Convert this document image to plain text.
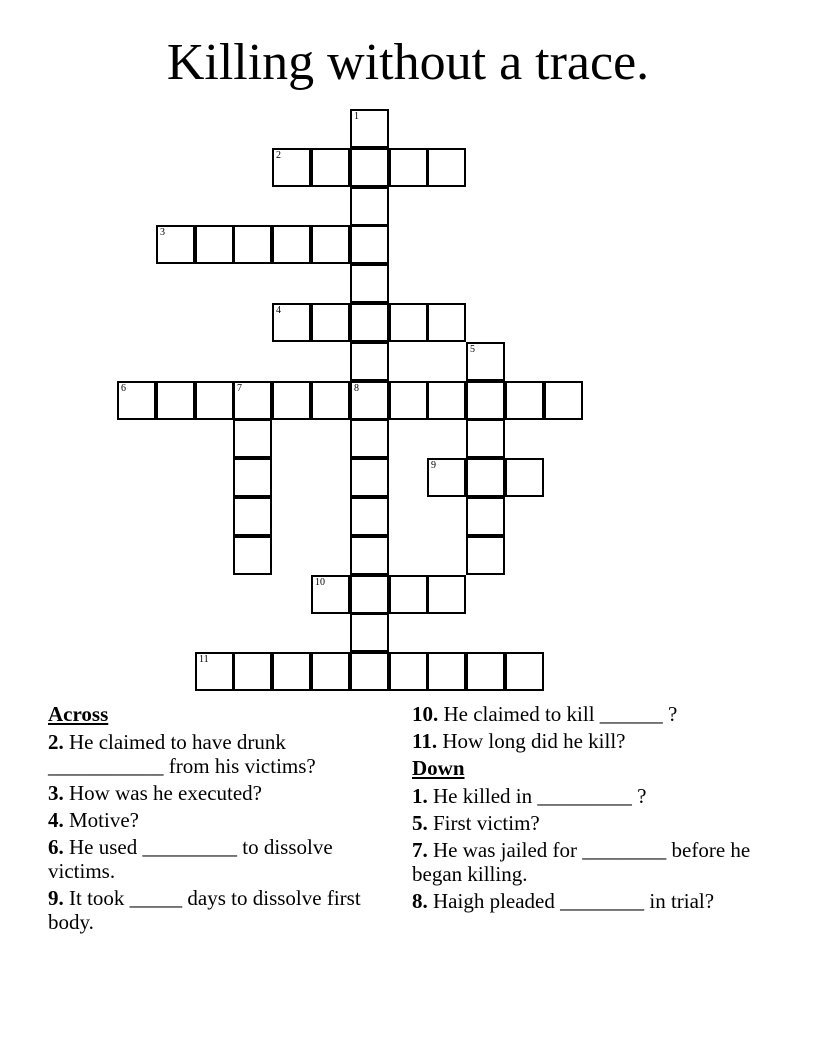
Killing without a trace.
1
8
2
3
4
5
6	7
9
10
11
Across
2. He claimed to have drunk ___________ from his victims?
3. How was he executed?
4. Motive?
6. He used _________ to dissolve victims.
9. It took _____ days to dissolve first body.
10. He claimed to kill ______ ?
11. How long did he kill?
Down
1. He killed in _________ ?
5. First victim?
7. He was jailed for ________ before he began killing.
8. Haigh pleaded ________ in trial?
